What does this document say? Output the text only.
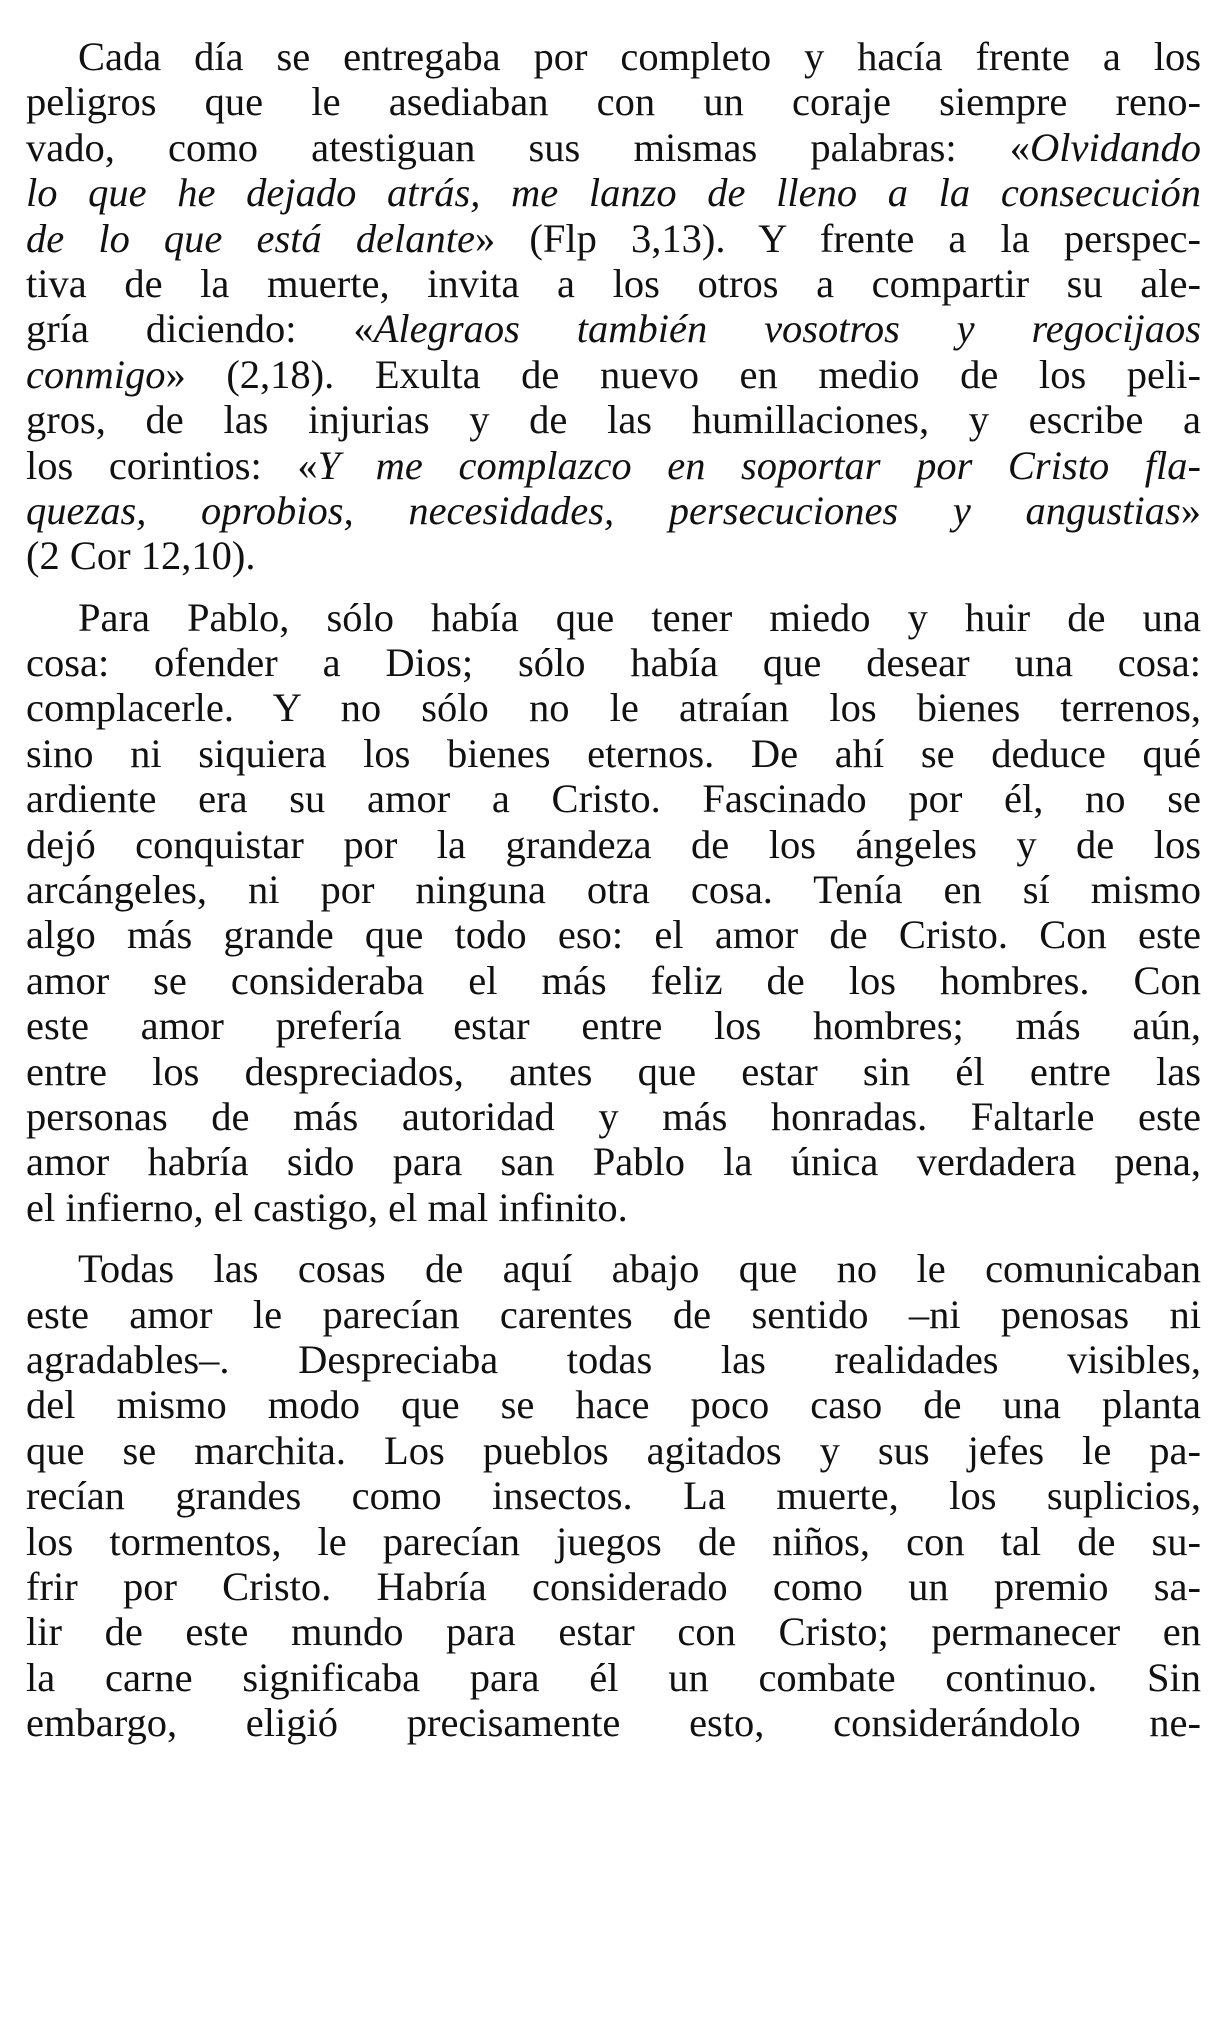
Cada día se entregaba por completo y hacía frente a los
peligros que le asediaban con un coraje siempre reno-
vado, como atestiguan sus mismas palabras: «Olvidando
lo que he dejado atrás, me lanzo de lleno a la consecución
de lo que está delante» (Flp 3,13). Y frente a la perspec-
tiva de la muerte, invita a los otros a compartir su ale-
gría diciendo: «Alegraos también vosotros y regocijaos
conmigo» (2,18). Exulta de nuevo en medio de los peli-
gros, de las injurias y de las humillaciones, y escribe a
los corintios: «Y me complazco en soportar por Cristo fla-
quezas, oprobios, necesidades, persecuciones y angustias»
(2 Cor 12,10).
Para Pablo, sólo había que tener miedo y huir de una
cosa: ofender a Dios; sólo había que desear una cosa:
complacerle. Y no sólo no le atraían los bienes terrenos,
sino ni siquiera los bienes eternos. De ahí se deduce qué
ardiente era su amor a Cristo. Fascinado por él, no se
dejó conquistar por la grandeza de los ángeles y de los
arcángeles, ni por ninguna otra cosa. Tenía en sí mismo
algo más grande que todo eso: el amor de Cristo. Con este
amor se consideraba el más feliz de los hombres. Con
este amor prefería estar entre los hombres; más aún,
entre los despreciados, antes que estar sin él entre las
personas de más autoridad y más honradas. Faltarle este
amor habría sido para san Pablo la única verdadera pena,
el infierno, el castigo, el mal infinito.
Todas las cosas de aquí abajo que no le comunicaban
este amor le parecían carentes de sentido –ni penosas ni
agradables–. Despreciaba todas las realidades visibles,
del mismo modo que se hace poco caso de una planta
que se marchita. Los pueblos agitados y sus jefes le pa-
recían grandes como insectos. La muerte, los suplicios,
los tormentos, le parecían juegos de niños, con tal de su-
frir por Cristo. Habría considerado como un premio sa-
lir de este mundo para estar con Cristo; permanecer en
la carne significaba para él un combate continuo. Sin
embargo, eligió precisamente esto, considerándolo ne-
